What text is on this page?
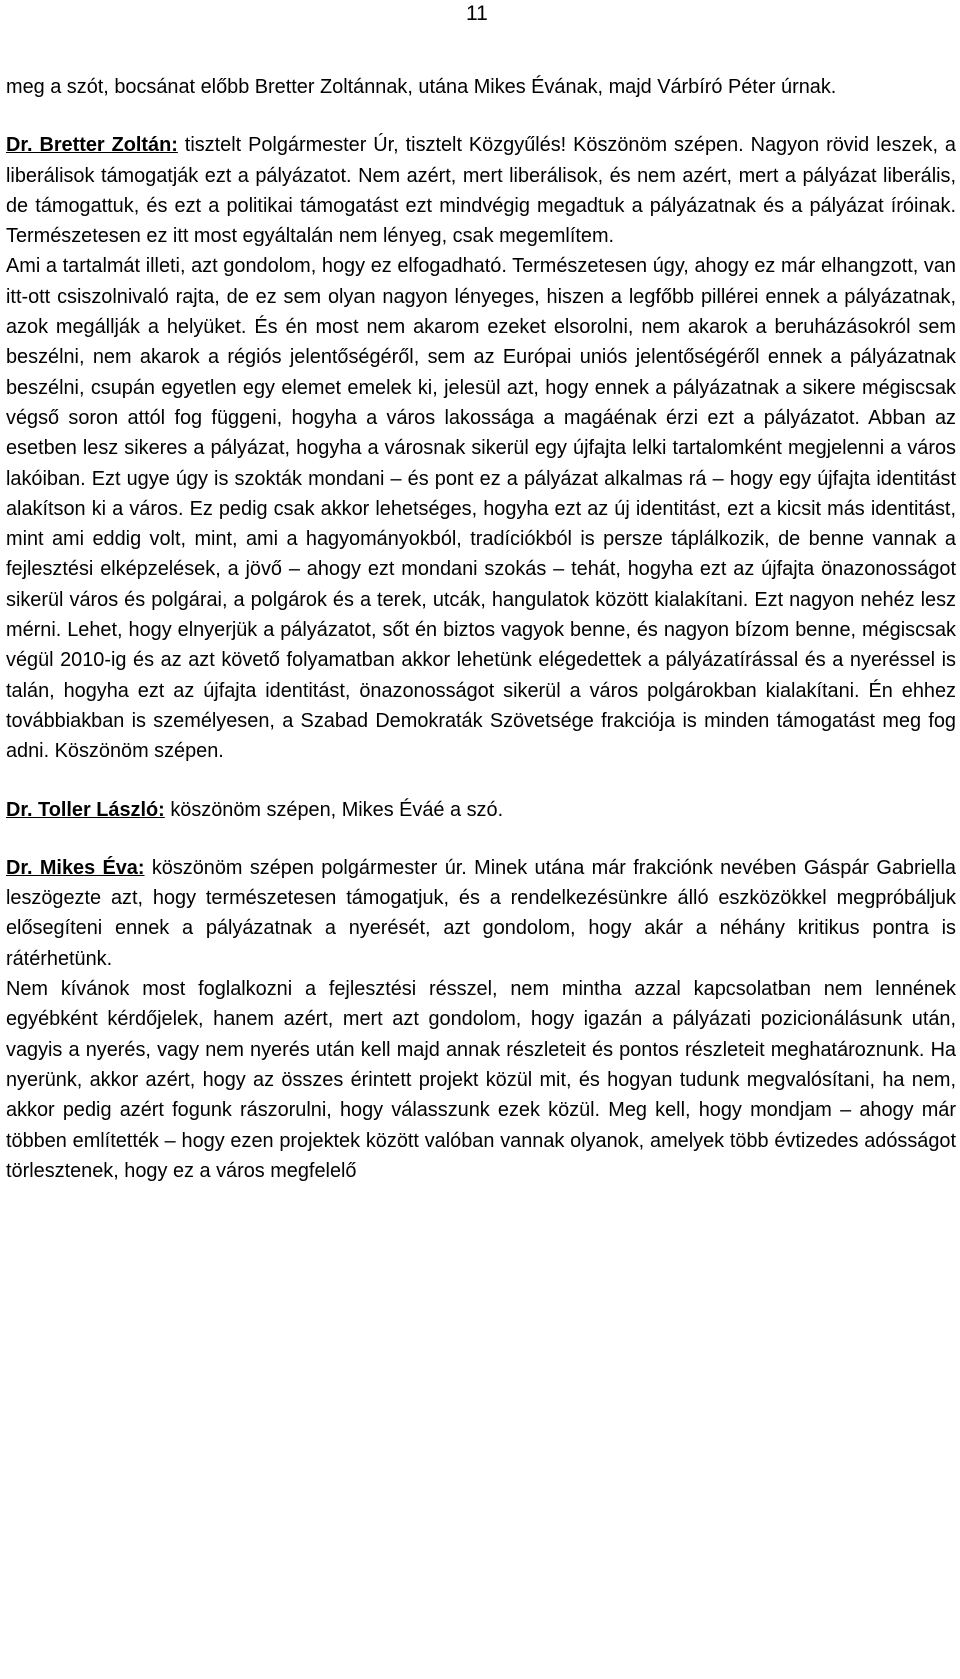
11

meg a szót, bocsánat előbb Bretter Zoltánnak, utána Mikes Évának, majd Várbíró Péter úrnak.

Dr. Bretter Zoltán: tisztelt Polgármester Úr, tisztelt Közgyűlés! Köszönöm szépen. Nagyon rövid leszek, a liberálisok támogatják ezt a pályázatot. Nem azért, mert liberálisok, és nem azért, mert a pályázat liberális, de támogattuk, és ezt a politikai támogatást ezt mindvégig megadtuk a pályázatnak és a pályázat íróinak. Természetesen ez itt most egyáltalán nem lényeg, csak megemlítem.

Ami a tartalmát illeti, azt gondolom, hogy ez elfogadható. Természetesen úgy, ahogy ez már elhangzott, van itt-ott csiszolnivaló rajta, de ez sem olyan nagyon lényeges, hiszen a legfőbb pillérei ennek a pályázatnak, azok megállják a helyüket. És én most nem akarom ezeket elsorolni, nem akarok a beruházásokról sem beszélni, nem akarok a régiós jelentőségéről, sem az Európai uniós jelentőségéről ennek a pályázatnak beszélni, csupán egyetlen egy elemet emelek ki, jelesül azt, hogy ennek a pályázatnak a sikere mégiscsak végső soron attól fog függeni, hogyha a város lakossága a magáénak érzi ezt a pályázatot. Abban az esetben lesz sikeres a pályázat, hogyha a városnak sikerül egy újfajta lelki tartalomként megjelenni a város lakóiban. Ezt ugye úgy is szokták mondani – és pont ez a pályázat alkalmas rá – hogy egy újfajta identitást alakítson ki a város. Ez pedig csak akkor lehetséges, hogyha ezt az új identitást, ezt a kicsit más identitást, mint ami eddig volt, mint, ami a hagyományokból, tradíciókból is persze táplálkozik, de benne vannak a fejlesztési elképzelések, a jövő – ahogy ezt mondani szokás – tehát, hogyha ezt az újfajta önazonosságot sikerül város és polgárai, a polgárok és a terek, utcák, hangulatok között kialakítani. Ezt nagyon nehéz lesz mérni. Lehet, hogy elnyerjük a pályázatot, sőt én biztos vagyok benne, és nagyon bízom benne, mégiscsak végül 2010-ig és az azt követő folyamatban akkor lehetünk elégedettek a pályázatírással és a nyeréssel is talán, hogyha ezt az újfajta identitást, önazonosságot sikerül a város polgárokban kialakítani. Én ehhez továbbiakban is személyesen, a Szabad Demokraták Szövetsége frakciója is minden támogatást meg fog adni. Köszönöm szépen.

Dr. Toller László: köszönöm szépen, Mikes Éváé a szó.

Dr. Mikes Éva: köszönöm szépen polgármester úr. Minek utána már frakciónk nevében Gáspár Gabriella leszögezte azt, hogy természetesen támogatjuk, és a rendelkezésünkre álló eszközökkel megpróbáljuk elősegíteni ennek a pályázatnak a nyerését, azt gondolom, hogy akár a néhány kritikus pontra is rátérhetünk.

Nem kívánok most foglalkozni a fejlesztési résszel, nem mintha azzal kapcsolatban nem lennének egyébként kérdőjelek, hanem azért, mert azt gondolom, hogy igazán a pályázati pozicionálásunk után, vagyis a nyerés, vagy nem nyerés után kell majd annak részleteit és pontos részleteit meghatároznunk. Ha nyerünk, akkor azért, hogy az összes érintett projekt közül mit, és hogyan tudunk megvalósítani, ha nem, akkor pedig azért fogunk rászorulni, hogy válasszunk ezek közül. Meg kell, hogy mondjam – ahogy már többen említették – hogy ezen projektek között valóban vannak olyanok, amelyek több évtizedes adósságot törlesztenek, hogy ez a város megfelelő
